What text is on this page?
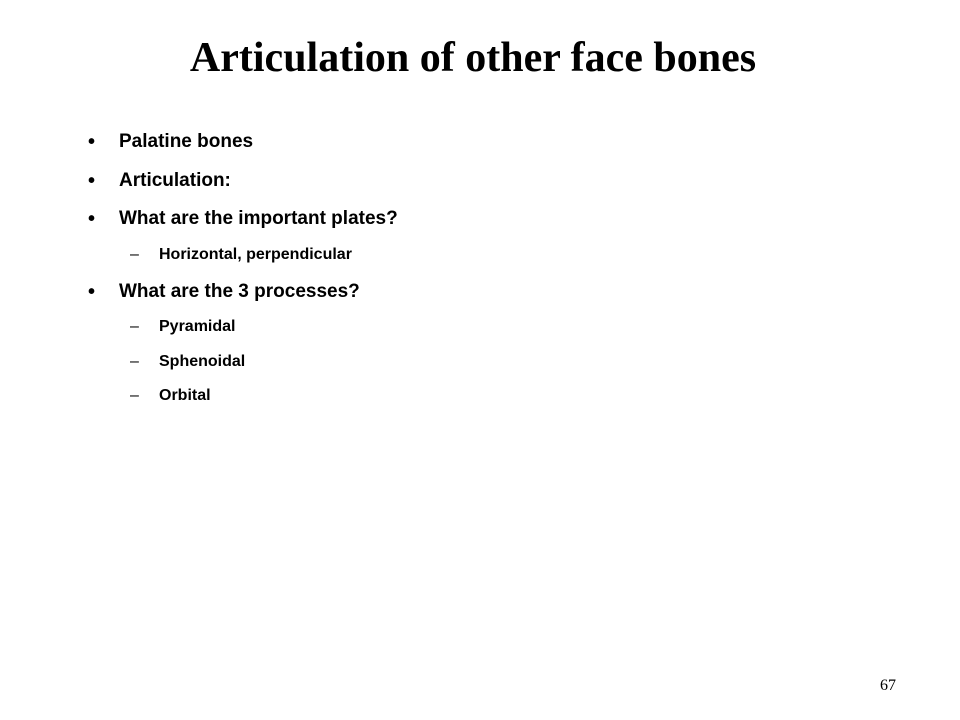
Articulation of other face bones
• Palatine bones
• Articulation:
• What are the important plates?
– Horizontal, perpendicular
• What are the 3 processes?
– Pyramidal
– Sphenoidal
– Orbital
67
